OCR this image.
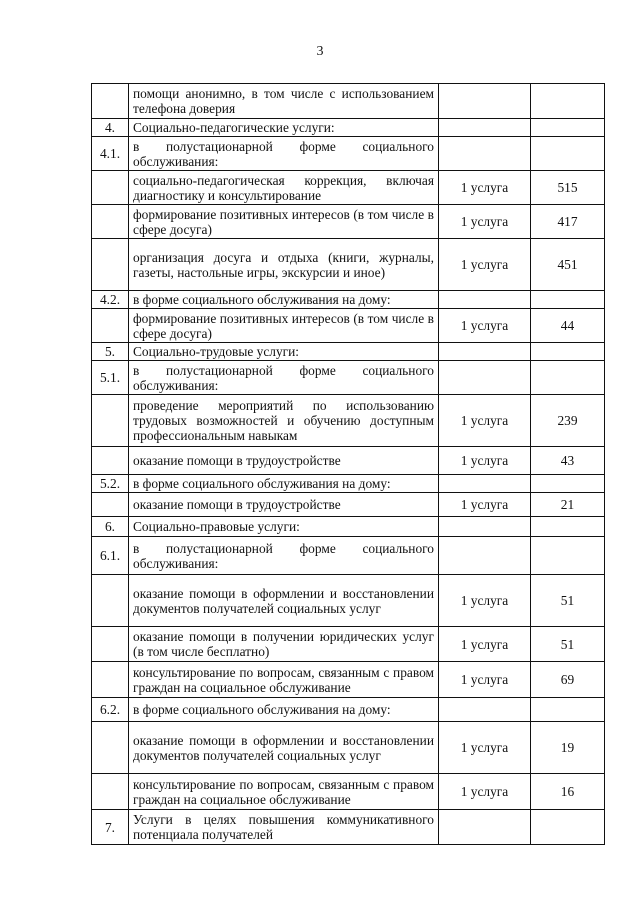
3
	помощи анонимно, в том числе с использованием телефона доверия		
4.	Социально-педагогические услуги:		
4.1.	в полустационарной форме социального обслуживания:		
	социально-педагогическая коррекция, включая диагностику и консультирование	1 услуга	515
	формирование позитивных интересов (в том числе в сфере досуга)	1 услуга	417
	организация досуга и отдыха (книги, журналы, газеты, настольные игры, экскурсии и иное)	1 услуга	451
4.2.	в форме социального обслуживания на дому:		
	формирование позитивных интересов (в том числе в сфере досуга)	1 услуга	44
5.	Социально-трудовые услуги:		
5.1.	в полустационарной форме социального обслуживания:		
	проведение мероприятий по использованию трудовых возможностей и обучению доступным профессиональным навыкам	1 услуга	239
	оказание помощи в трудоустройстве	1 услуга	43
5.2.	в форме социального обслуживания на дому:		
	оказание помощи в трудоустройстве	1 услуга	21
6.	Социально-правовые услуги:		
6.1.	в полустационарной форме социального обслуживания:		
	оказание помощи в оформлении и восстановлении документов получателей социальных услуг	1 услуга	51
	оказание помощи в получении юридических услуг (в том числе бесплатно)	1 услуга	51
	консультирование по вопросам, связанным с правом граждан на социальное обслуживание	1 услуга	69
6.2.	в форме социального обслуживания на дому:		
	оказание помощи в оформлении и восстановлении документов получателей социальных услуг	1 услуга	19
	консультирование по вопросам, связанным с правом граждан на социальное обслуживание	1 услуга	16
7.	Услуги в целях повышения коммуникативного потенциала получателей		
